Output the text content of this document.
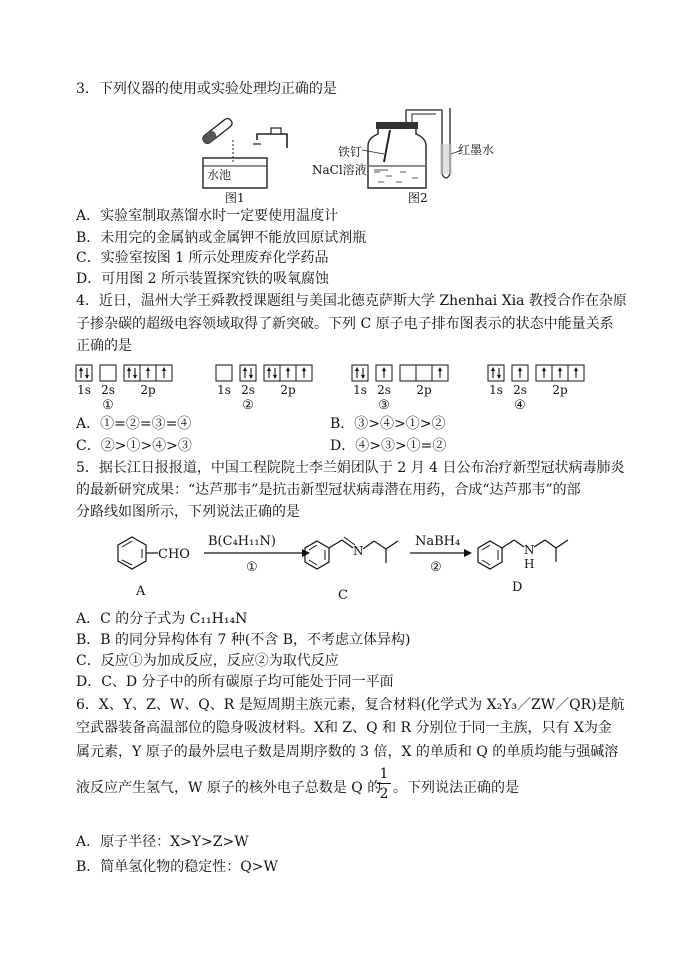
3．下列仪器的使用或实验处理均正确的是
水池
图1
铁钉
NaCl溶液
红墨水
图2
A．实验室制取蒸馏水时一定要使用温度计
B．未用完的金属钠或金属钾不能放回原试剂瓶
C．实验室按图 1 所示处理废弃化学药品
D．可用图 2 所示装置探究铁的吸氧腐蚀
4．近日，温州大学王舜教授课题组与美国北德克萨斯大学 Zhenhai Xia 教授合作在杂原
子掺杂碳的超级电容领域取得了新突破。下列 C 原子电子排布图表示的状态中能量关系
正确的是
1s 2s 2p
①
1s 2s 2p
②
1s 2s 2p
③
1s 2s 2p
④
A．①=②=③=④	B．③>④>①>②
C．②>①>④>③	D．④>③>①=②
5．据长江日报报道，中国工程院院士李兰娟团队于 2 月 4 日公布治疗新型冠状病毒肺炎
的最新研究成果：“达芦那韦”是抗击新型冠状病毒潜在用药，合成“达芦那韦”的部
分路线如图所示，下列说法正确的是
CHO
B(C₄H₁₁N)
①
N
NaBH₄
②
N
H
A	C
D
A．C 的分子式为 C₁₁H₁₄N
B．B 的同分异构体有 7 种(不含 B，不考虑立体异构)
C．反应①为加成反应，反应②为取代反应
D．C、D 分子中的所有碳原子均可能处于同一平面
6．X、Y、Z、W、Q、R 是短周期主族元素，复合材料(化学式为 X₂Y₃／ZW／QR)是航
空武器装备高温部位的隐身吸波材料。X和 Z、Q 和 R 分别位于同一主族，只有 X为金
属元素，Y 原子的最外层电子数是周期序数的 3 倍，X 的单质和 Q 的单质均能与强碱溶
液反应产生氢气，W 原子的核外电子总数是 Q 的
1
2 。下列说法正确的是
A．原子半径：X>Y>Z>W
B．简单氢化物的稳定性：Q>W
